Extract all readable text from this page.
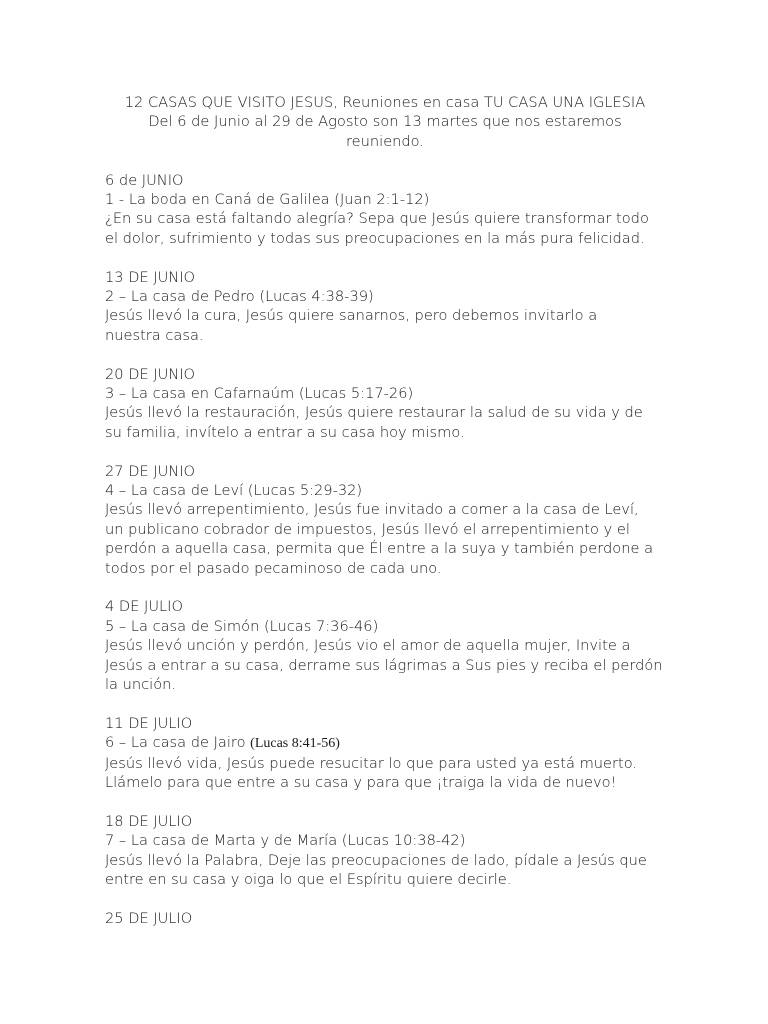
12 CASAS QUE VISITO JESUS, Reuniones en casa TU CASA UNA IGLESIA
Del 6 de Junio al 29 de Agosto son 13 martes que nos estaremos
reuniendo.
6 de JUNIO
1 - La boda en Caná de Galilea (Juan 2:1-12)
¿En su casa está faltando alegría? Sepa que Jesús quiere transformar todo
el dolor, sufrimiento y todas sus preocupaciones en la más pura felicidad.
13 DE JUNIO
2 – La casa de Pedro (Lucas 4:38-39)
Jesús llevó la cura, Jesús quiere sanarnos, pero debemos invitarlo a
nuestra casa.
20 DE JUNIO
3 – La casa en Cafarnaúm (Lucas 5:17-26)
Jesús llevó la restauración, Jesús quiere restaurar la salud de su vida y de
su familia, invítelo a entrar a su casa hoy mismo.
27 DE JUNIO
4 – La casa de Leví (Lucas 5:29-32)
Jesús llevó arrepentimiento, Jesús fue invitado a comer a la casa de Leví,
un publicano cobrador de impuestos, Jesús llevó el arrepentimiento y el
perdón a aquella casa, permita que Él entre a la suya y también perdone a
todos por el pasado pecaminoso de cada uno.
4 DE JULIO
5 – La casa de Simón (Lucas 7:36-46)
Jesús llevó unción y perdón, Jesús vio el amor de aquella mujer, Invite a
Jesús a entrar a su casa, derrame sus lágrimas a Sus pies y reciba el perdón
la unción.
11 DE JULIO
6 – La casa de Jairo (Lucas 8:41-56)
Jesús llevó vida, Jesús puede resucitar lo que para usted ya está muerto.
Llámelo para que entre a su casa y para que ¡traiga la vida de nuevo!
18 DE JULIO
7 – La casa de Marta y de María (Lucas 10:38-42)
Jesús llevó la Palabra, Deje las preocupaciones de lado, pídale a Jesús que
entre en su casa y oiga lo que el Espíritu quiere decirle.
25 DE JULIO
